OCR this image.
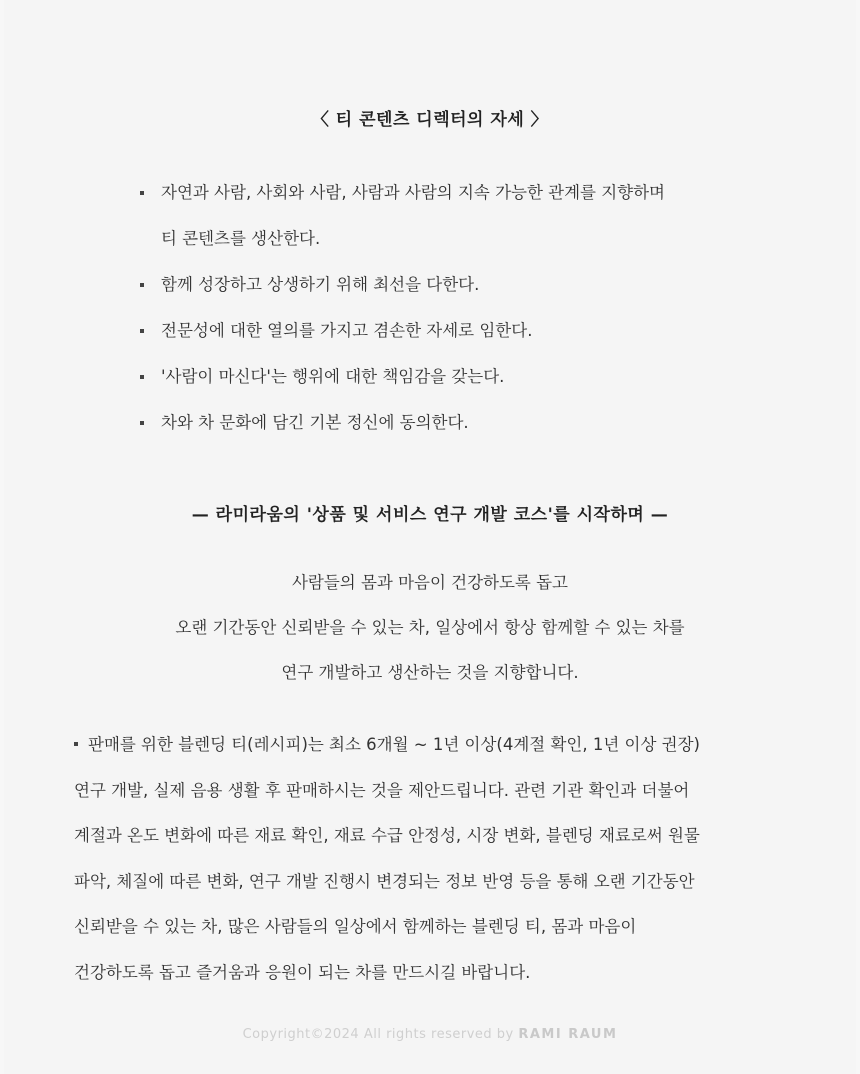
〈 티 콘텐츠 디렉터의 자세 〉
자연과 사람, 사회와 사람, 사람과 사람의 지속 가능한 관계를 지향하며
티 콘텐츠를 생산한다.
함께 성장하고 상생하기 위해 최선을 다한다.
전문성에 대한 열의를 가지고 겸손한 자세로 임한다.
'사람이 마신다'는 행위에 대한 책임감을 갖는다.
차와 차 문화에 담긴 기본 정신에 동의한다.
— 라미라움의 '상품 및 서비스 연구 개발 코스'를 시작하며 —
사람들의 몸과 마음이 건강하도록 돕고
오랜 기간동안 신뢰받을 수 있는 차, 일상에서 항상 함께할 수 있는 차를
연구 개발하고 생산하는 것을 지향합니다.
판매를 위한 블렌딩 티(레시피)는 최소 6개월 ~ 1년 이상(4계절 확인, 1년 이상 권장)
연구 개발, 실제 음용 생활 후 판매하시는 것을 제안드립니다. 관련 기관 확인과 더불어
계절과 온도 변화에 따른 재료 확인, 재료 수급 안정성, 시장 변화, 블렌딩 재료로써 원물
파악, 체질에 따른 변화, 연구 개발 진행시 변경되는 정보 반영 등을 통해 오랜 기간동안
신뢰받을 수 있는 차, 많은 사람들의 일상에서 함께하는 블렌딩 티, 몸과 마음이
건강하도록 돕고 즐거움과 응원이 되는 차를 만드시길 바랍니다.
Copyright©2024 All rights reserved by RAMI RAUM
